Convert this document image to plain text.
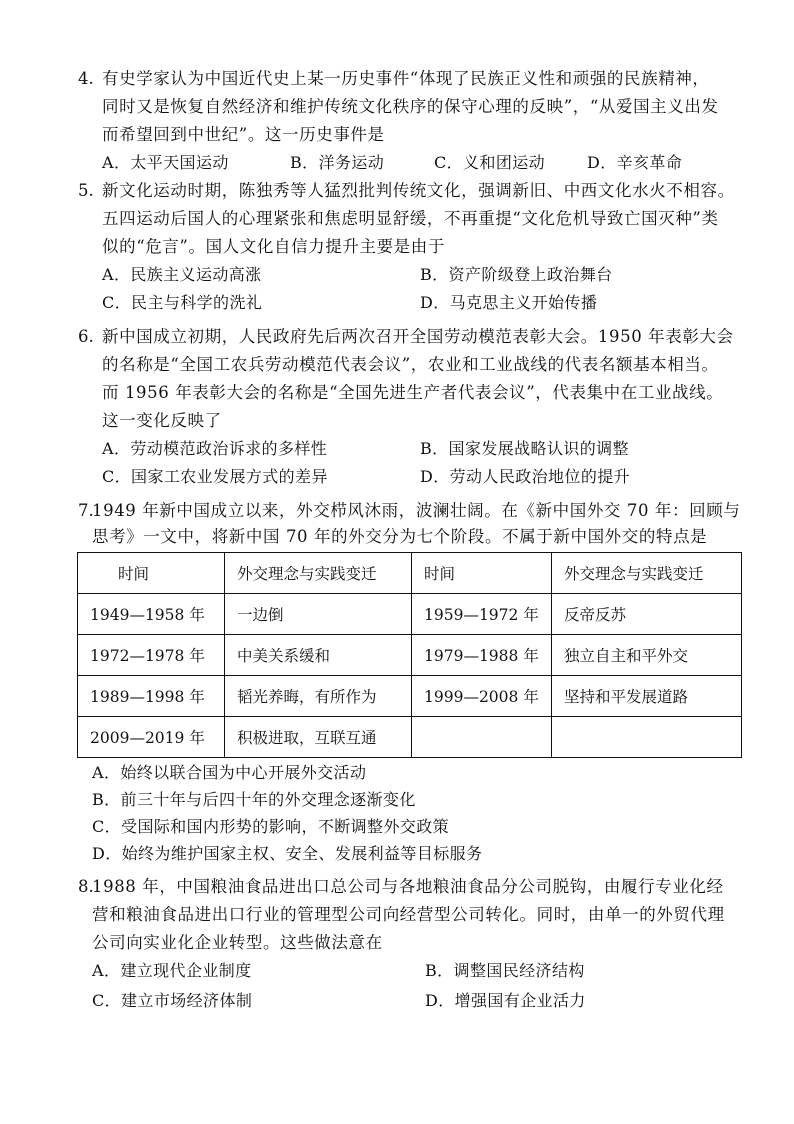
4. 有史学家认为中国近代史上某一历史事件“体现了民族正义性和顽强的民族精神，
同时又是恢复自然经济和维护传统文化秩序的保守心理的反映”，“从爱国主义出发
而希望回到中世纪”。这一历史事件是
A．太平天国运动	B．洋务运动	C．义和团运动	D．辛亥革命
5. 新文化运动时期，陈独秀等人猛烈批判传统文化，强调新旧、中西文化水火不相容。
五四运动后国人的心理紧张和焦虑明显舒缓，不再重提“文化危机导致亡国灭种”类
似的“危言”。国人文化自信力提升主要是由于
A．民族主义运动高涨	B．资产阶级登上政治舞台
C．民主与科学的洗礼	D．马克思主义开始传播
6. 新中国成立初期，人民政府先后两次召开全国劳动模范表彰大会。1950 年表彰大会
的名称是“全国工农兵劳动模范代表会议”，农业和工业战线的代表名额基本相当。
而 1956 年表彰大会的名称是“全国先进生产者代表会议”，代表集中在工业战线。
这一变化反映了
A．劳动模范政治诉求的多样性	B．国家发展战略认识的调整
C．国家工农业发展方式的差异	D．劳动人民政治地位的提升
7.
1949 年新中国成立以来，外交栉风沐雨，波澜壮阔。在《新中国外交 70 年：回顾与
思考》一文中，将新中国 70 年的外交分为七个阶段。不属于新中国外交的特点是
时间	外交理念与实践变迁	时间	外交理念与实践变迁
1949—1958 年	一边倒	1959—1972 年	反帝反苏
1972—1978 年	中美关系缓和	1979—1988 年	独立自主和平外交
1989—1998 年	韬光养晦，有所作为	1999—2008 年	坚持和平发展道路
2009—2019 年	积极进取，互联互通		
A．始终以联合国为中心开展外交活动
B．前三十年与后四十年的外交理念逐渐变化
C．受国际和国内形势的影响，不断调整外交政策
D．始终为维护国家主权、安全、发展利益等目标服务
8.
1988 年，中国粮油食品进出口总公司与各地粮油食品分公司脱钩，由履行专业化经
营和粮油食品进出口行业的管理型公司向经营型公司转化。同时，由单一的外贸代理
公司向实业化企业转型。这些做法意在
A．建立现代企业制度	B．调整国民经济结构
C．建立市场经济体制	D．增强国有企业活力
